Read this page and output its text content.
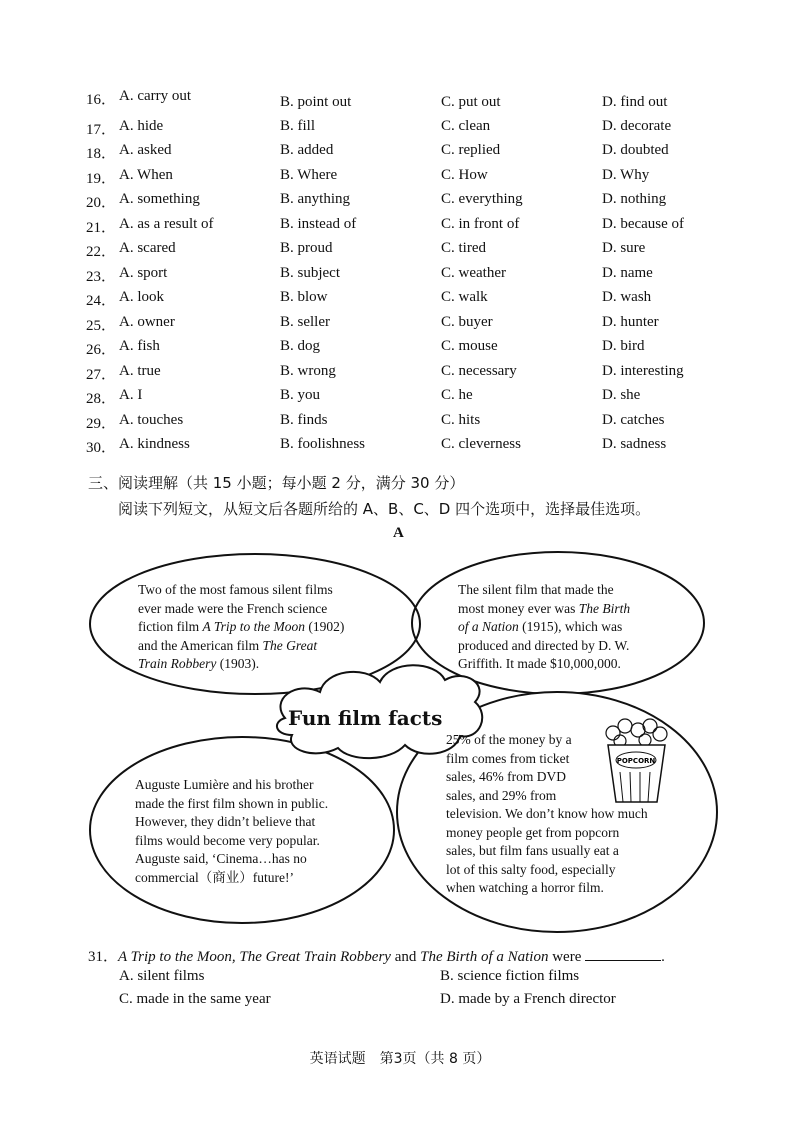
16． A. carry out	B. point out	C. put out	D. find out
17． A. hide	B. fill	C. clean	D. decorate
18． A. asked	B. added	C. replied	D. doubted
19． A. When	B. Where	C. How	D. Why
20． A. something	B. anything	C. everything	D. nothing
21． A. as a result of	B. instead of	C. in front of	D. because of
22． A. scared	B. proud	C. tired	D. sure
23． A. sport	B. subject	C. weather	D. name
24． A. look	B. blow	C. walk	D. wash
25． A. owner	B. seller	C. buyer	D. hunter
26． A. fish	B. dog	C. mouse	D. bird
27． A. true	B. wrong	C. necessary	D. interesting
28． A. I	B. you	C. he	D. she
29． A. touches	B. finds	C. hits	D. catches
30． A. kindness	B. foolishness	C. cleverness	D. sadness
三、阅读理解（共 15 小题；每小题 2 分，满分 30 分）
阅读下列短文，从短文后各题所给的 A、B、C、D 四个选项中，选择最佳选项。
A
POPCORN
Fun film facts
Two of the most famous silent films
ever made were the French science
fiction film A Trip to the Moon (1902)
and the American film The Great
Train Robbery (1903).
The silent film that made the
most money ever was The Birth
of a Nation (1915), which was
produced and directed by D. W.
Griffith. It made $10,000,000.
Auguste Lumière and his brother
made the first film shown in public.
However, they didn’t believe that
films would become very popular.
Auguste said, ‘Cinema…has no
commercial（商业）future!’
25% of the money by a
film comes from ticket
sales, 46% from DVD
sales, and 29% from
television. We don’t know how much
money people get from popcorn
sales, but film fans usually eat a
lot of this salty food, especially
when watching a horror film.
31．A Trip to the Moon, The Great Train Robbery and The Birth of a Nation were	.
A. silent films	B. science fiction films
C. made in the same year	D. made by a French director
英语试题　第3页（共 8 页）
